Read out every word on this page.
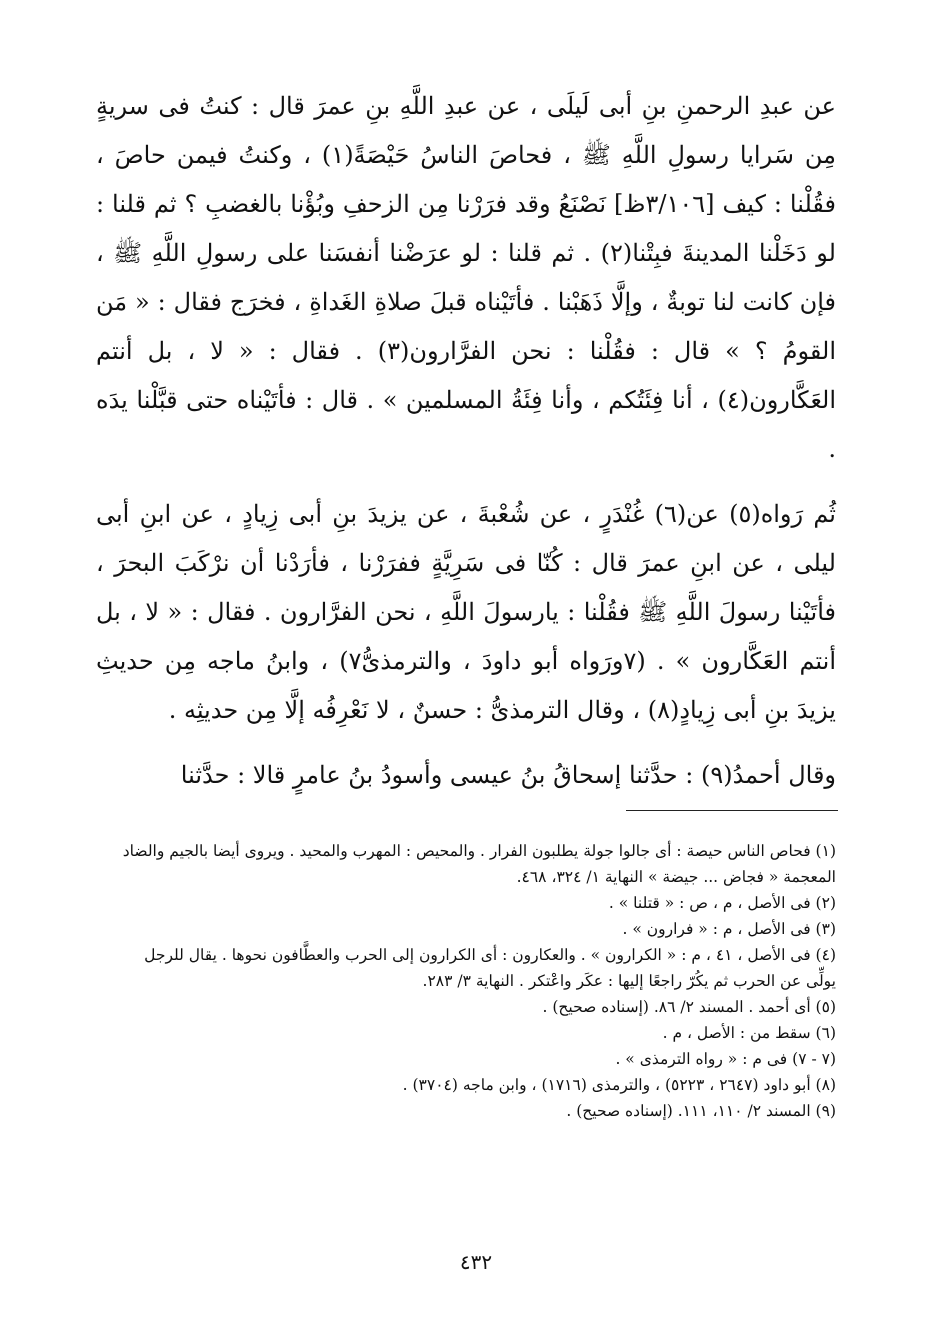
عن عبدِ الرحمنِ بنِ أبى لَيلَى ، عن عبدِ اللَّهِ بنِ عمرَ قال : كنتُ فى سريةٍ مِن سَرايا رسولِ اللَّهِ ﷺ ، فحاصَ الناسُ حَيْصَةً(١) ، وكنتُ فيمن حاصَ ، فقُلْنا : كيف [٣/١٠٦ظ] نَصْنَعُ وقد فرَرْنا مِن الزحفِ وبُؤْنا بالغضبِ ؟ ثم قلنا : لو دَخَلْنا المدينةَ فبِتْنا(٢) . ثم قلنا : لو عرَضْنا أنفسَنا على رسولِ اللَّهِ ﷺ ، فإن كانت لنا توبةٌ ، وإلَّا ذَهَبْنا . فأتَيْناه قبلَ صلاةِ الغَداةِ ، فخرَج فقال : « مَن القومُ ؟ » قال : فقُلْنا : نحن الفرَّارون(٣) . فقال : « لا ، بل أنتم العَكَّارون(٤) ، أنا فِئَتُكم ، وأنا فِئَةُ المسلمين » . قال : فأتَيْناه حتى قبَّلْنا يدَه .

ثُم رَواه(٥) عن(٦) غُنْدَرٍ ، عن شُعْبةَ ، عن يزيدَ بنِ أبى زِيادٍ ، عن ابنِ أبى ليلى ، عن ابنِ عمرَ قال : كُنّا فى سَرِيَّةٍ ففرَرْنا ، فأرَدْنا أن نرْكَبَ البحرَ ، فأتَيْنا رسولَ اللَّهِ ﷺ فقُلْنا : يارسولَ اللَّهِ ، نحن الفرَّارون . فقال : « لا ، بل أنتم العَكَّارون » . (٧ورَواه أبو داودَ ، والترمذىُّ٧) ، وابنُ ماجه مِن حديثِ يزيدَ بنِ أبى زِيادٍ(٨) ، وقال الترمذىُّ : حسنٌ ، لا نَعْرِفُه إلَّا مِن حديثِه .

وقال أحمدُ(٩) : حدَّثنا إسحاقُ بنُ عيسى وأسودُ بنُ عامرٍ قالا : حدَّثنا

(١) فحاص الناس حيصة : أى جالوا جولة يطلبون الفرار . والمحيص : المهرب والمحيد . ويروى أيضا بالجيم والضاد المعجمة « فجاض ... جيضة » النهاية ١/ ٣٢٤، ٤٦٨.

(٢) فى الأصل ، م ، ص : « قتلنا » .

(٣) فى الأصل ، م : « فرارون » .

(٤) فى الأصل ، ٤١ ، م : « الكرارون » . والعكارون : أى الكرارون إلى الحرب والعطَّافون نحوها . يقال للرجل يولِّى عن الحرب ثم يكُرّ راجعًا إليها : عكَر واعْتكر . النهاية ٣/ ٢٨٣.

(٥) أى أحمد . المسند ٢/ ٨٦. (إسناده صحيح) .

(٦) سقط من : الأصل ، م .

(٧ - ٧) فى م : « رواه الترمذى » .

(٨) أبو داود (٢٦٤٧ ، ٥٢٢٣) ، والترمذى (١٧١٦) ، وابن ماجه (٣٧٠٤) .

(٩) المسند ٢/ ١١٠، ١١١. (إسناده صحيح) .

٤٣٢
